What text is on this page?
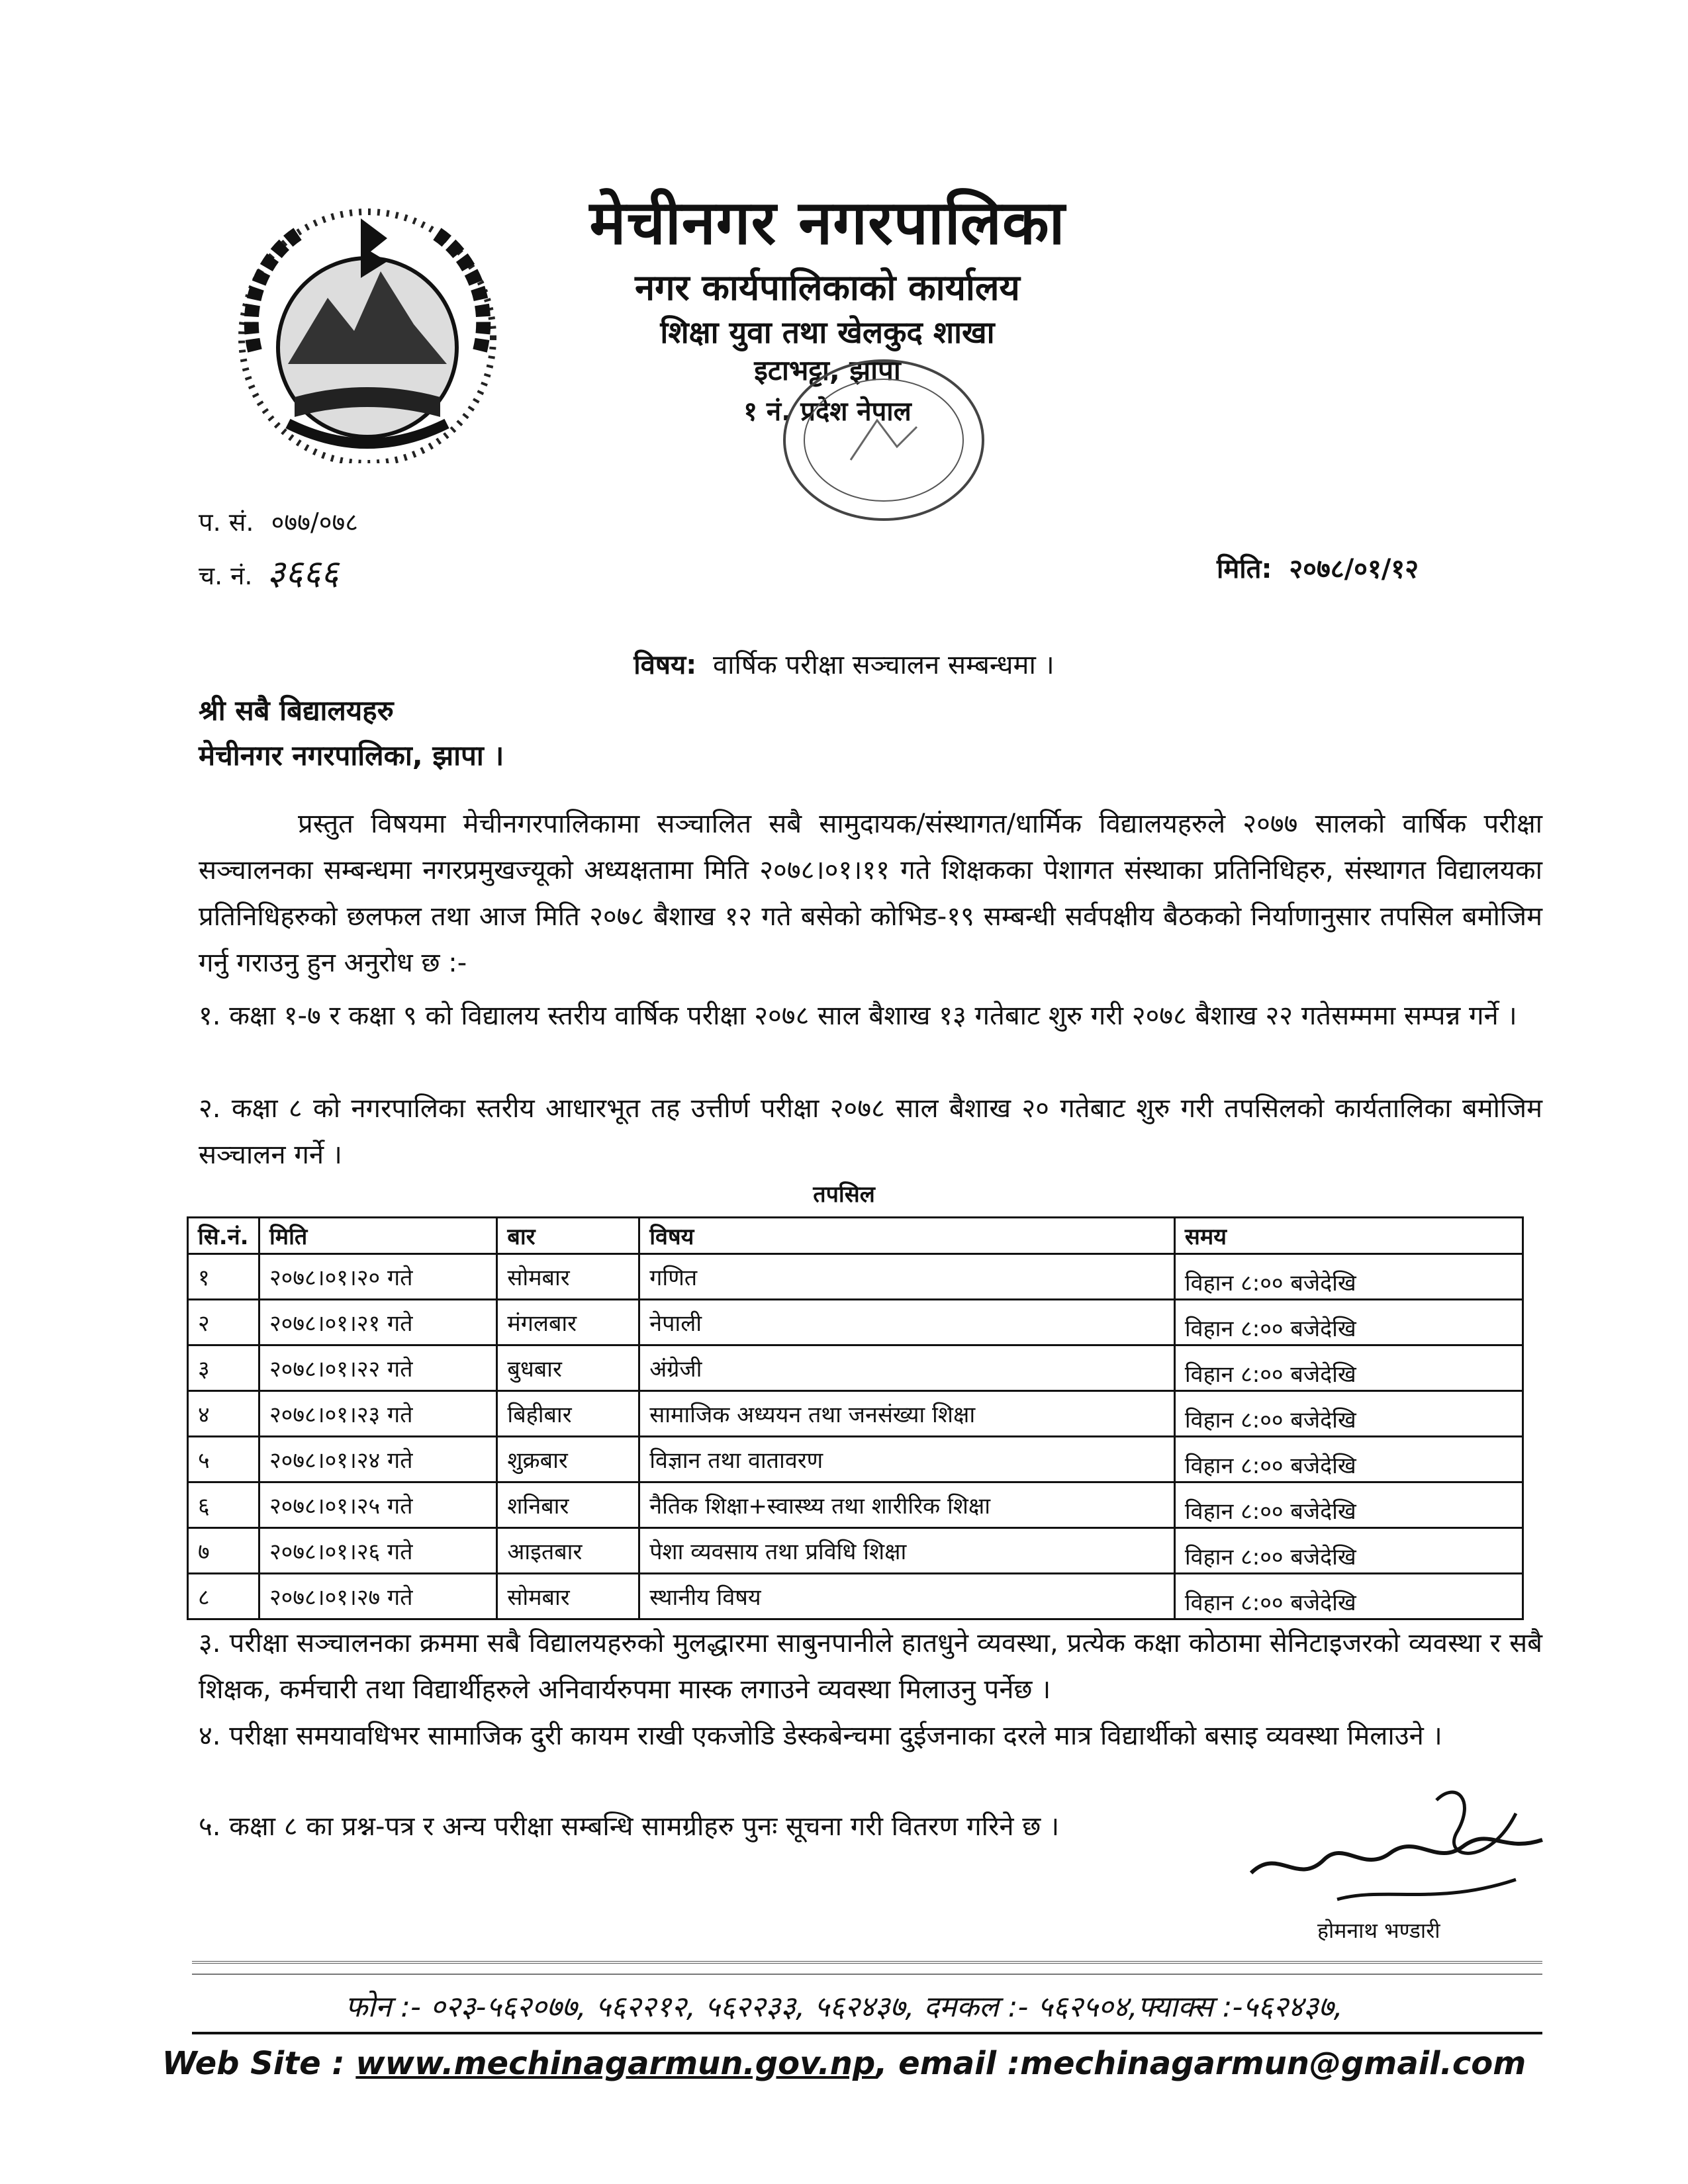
मेचीनगर नगरपालिका
नगर कार्यपालिकाको कार्यालय
शिक्षा युवा तथा खेलकुद शाखा
इटाभट्टा, झापा
१ नं. प्रदेश नेपाल
प. सं. ०७७/०७८
च. नं. ३६६६	मिति: २०७८/०१/१२
विषय: वार्षिक परीक्षा सञ्चालन सम्बन्धमा ।
श्री सबै बिद्यालयहरु
मेचीनगर नगरपालिका, झापा ।
प्रस्तुत विषयमा मेचीनगरपालिकामा सञ्चालित सबै सामुदायक/संस्थागत/धार्मिक विद्यालयहरुले २०७७ सालको वार्षिक परीक्षा सञ्चालनका सम्बन्धमा नगरप्रमुखज्यूको अध्यक्षतामा मिति २०७८।०१।११ गते शिक्षकका पेशागत संस्थाका प्रतिनिधिहरु, संस्थागत विद्यालयका प्रतिनिधिहरुको छलफल तथा आज मिति २०७८ बैशाख १२ गते बसेको कोभिड-१९ सम्बन्धी सर्वपक्षीय बैठकको निर्याणानुसार तपसिल बमोजिम गर्नु गराउनु हुन अनुरोध छ :-
१. कक्षा १-७ र कक्षा ९ को विद्यालय स्तरीय वार्षिक परीक्षा २०७८ साल बैशाख १३ गतेबाट शुरु गरी २०७८ बैशाख २२ गतेसम्ममा सम्पन्न गर्ने ।
२. कक्षा ८ को नगरपालिका स्तरीय आधारभूत तह उत्तीर्ण परीक्षा २०७८ साल बैशाख २० गतेबाट शुरु गरी तपसिलको कार्यतालिका बमोजिम सञ्चालन गर्ने ।
तपसिल
सि.नं.	मिति	बार	विषय	समय
१	२०७८।०१।२० गते	सोमबार	गणित	विहान ८:०० बजेदेखि
२	२०७८।०१।२१ गते	मंगलबार	नेपाली	विहान ८:०० बजेदेखि
३	२०७८।०१।२२ गते	बुधबार	अंग्रेजी	विहान ८:०० बजेदेखि
४	२०७८।०१।२३ गते	बिहीबार	सामाजिक अध्ययन तथा जनसंख्या शिक्षा	विहान ८:०० बजेदेखि
५	२०७८।०१।२४ गते	शुक्रबार	विज्ञान तथा वातावरण	विहान ८:०० बजेदेखि
६	२०७८।०१।२५ गते	शनिबार	नैतिक शिक्षा+स्वास्थ्य तथा शारीरिक शिक्षा	विहान ८:०० बजेदेखि
७	२०७८।०१।२६ गते	आइतबार	पेशा व्यवसाय तथा प्रविधि शिक्षा	विहान ८:०० बजेदेखि
८	२०७८।०१।२७ गते	सोमबार	स्थानीय विषय	विहान ८:०० बजेदेखि
३. परीक्षा सञ्चालनका क्रममा सबै विद्यालयहरुको मुलद्धारमा साबुनपानीले हातधुने व्यवस्था, प्रत्येक कक्षा कोठामा सेनिटाइजरको व्यवस्था र सबै शिक्षक, कर्मचारी तथा विद्यार्थीहरुले अनिवार्यरुपमा मास्क लगाउने व्यवस्था मिलाउनु पर्नेछ ।
४. परीक्षा समयावधिभर सामाजिक दुरी कायम राखी एकजोडि डेस्कबेन्चमा दुईजनाका दरले मात्र विद्यार्थीको बसाइ व्यवस्था मिलाउने ।
५. कक्षा ८ का प्रश्न-पत्र र अन्य परीक्षा सम्बन्धि सामग्रीहरु पुनः सूचना गरी वितरण गरिने छ ।
होमनाथ भण्डारी
फोन :- ०२३-५६२०७७, ५६२२१२, ५६२२३३, ५६२४३७, दमकल :- ५६२५०४,फ्याक्स :-५६२४३७,
Web Site : www.mechinagarmun.gov.np, email :mechinagarmun@gmail.com
